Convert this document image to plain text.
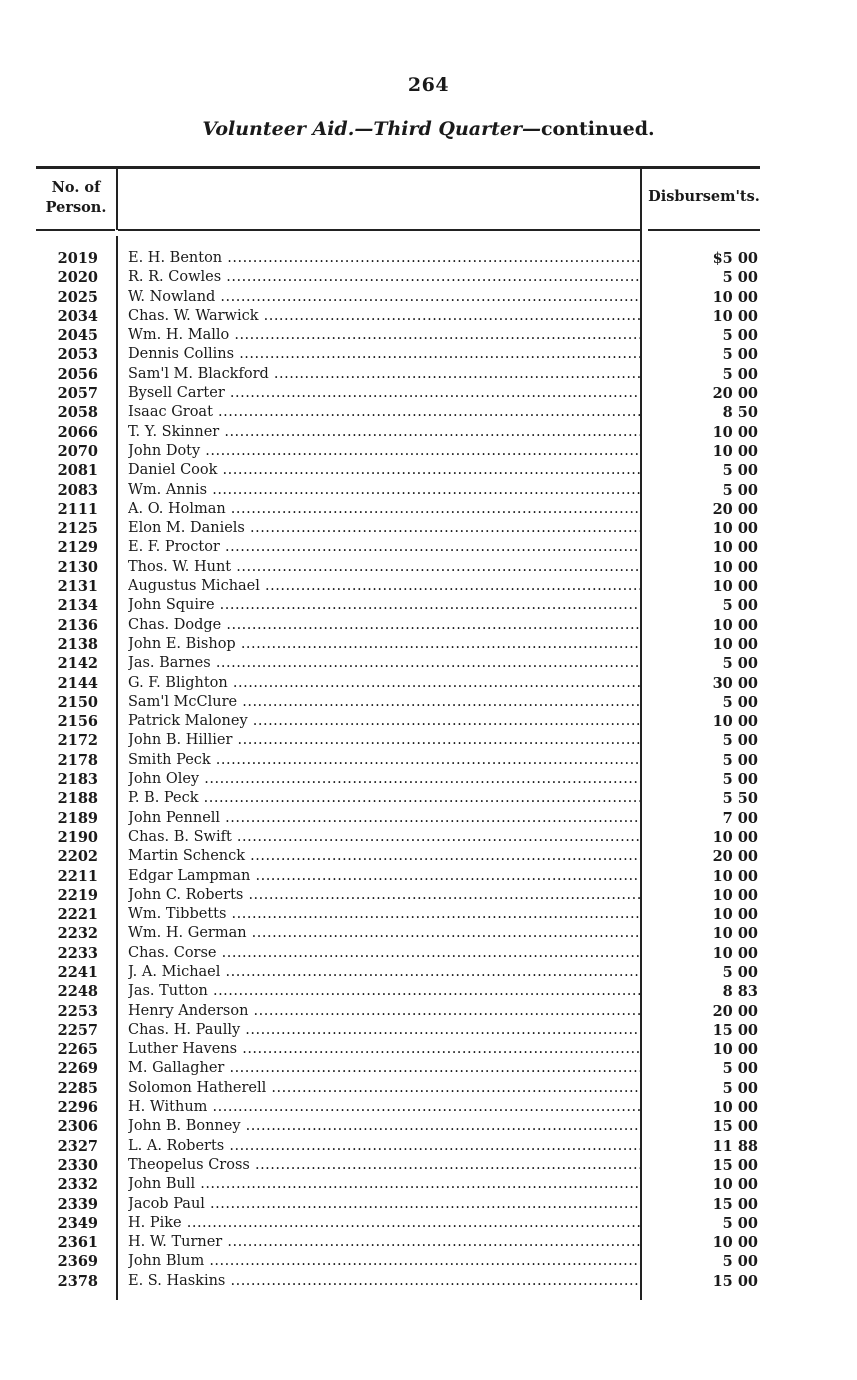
264
Volunteer Aid.—Third Quarter—continued.
No. of
Person.
Disbursem'ts.
2019 E. H. Benton .....	$5 00
2020 R. R. Cowles .....	5 00
2025 W. Nowland .....	10 00
2034 Chas. W. Warwick .....	10 00
2045 Wm. H. Mallo .....	5 00
2053 Dennis Collins .....	5 00
2056 Sam'l M. Blackford .....	5 00
2057 Bysell Carter .....	20 00
2058 Isaac Groat .....	8 50
2066 T. Y. Skinner .....	10 00
2070 John Doty .....	10 00
2081 Daniel Cook .....	5 00
2083 Wm. Annis .....	5 00
2111 A. O. Holman .....	20 00
2125 Elon M. Daniels .....	10 00
2129 E. F. Proctor .....	10 00
2130 Thos. W. Hunt .....	10 00
2131 Augustus Michael .....	10 00
2134 John Squire .....	5 00
2136 Chas. Dodge .....	10 00
2138 John E. Bishop .....	10 00
2142 Jas. Barnes .....	5 00
2144 G. F. Blighton .....	30 00
2150 Sam'l McClure .....	5 00
2156 Patrick Maloney .....	10 00
2172 John B. Hillier .....	5 00
2178 Smith Peck .....	5 00
2183 John Oley .....	5 00
2188 P. B. Peck .....	5 50
2189 John Pennell .....	7 00
2190 Chas. B. Swift .....	10 00
2202 Martin Schenck .....	20 00
2211 Edgar Lampman .....	10 00
2219 John C. Roberts .....	10 00
2221 Wm. Tibbetts .....	10 00
2232 Wm. H. German .....	10 00
2233 Chas. Corse .....	10 00
2241 J. A. Michael .....	5 00
2248 Jas. Tutton .....	8 83
2253 Henry Anderson .....	20 00
2257 Chas. H. Paully .....	15 00
2265 Luther Havens .....	10 00
2269 M. Gallagher .....	5 00
2285 Solomon Hatherell .....	5 00
2296 H. Withum .....	10 00
2306 John B. Bonney .....	15 00
2327 L. A. Roberts .....	11 88
2330 Theopelus Cross .....	15 00
2332 John Bull .....	10 00
2339 Jacob Paul .....	15 00
2349 H. Pike .....	5 00
2361 H. W. Turner .....	10 00
2369 John Blum .....	5 00
2378 E. S. Haskins .....	15 00
